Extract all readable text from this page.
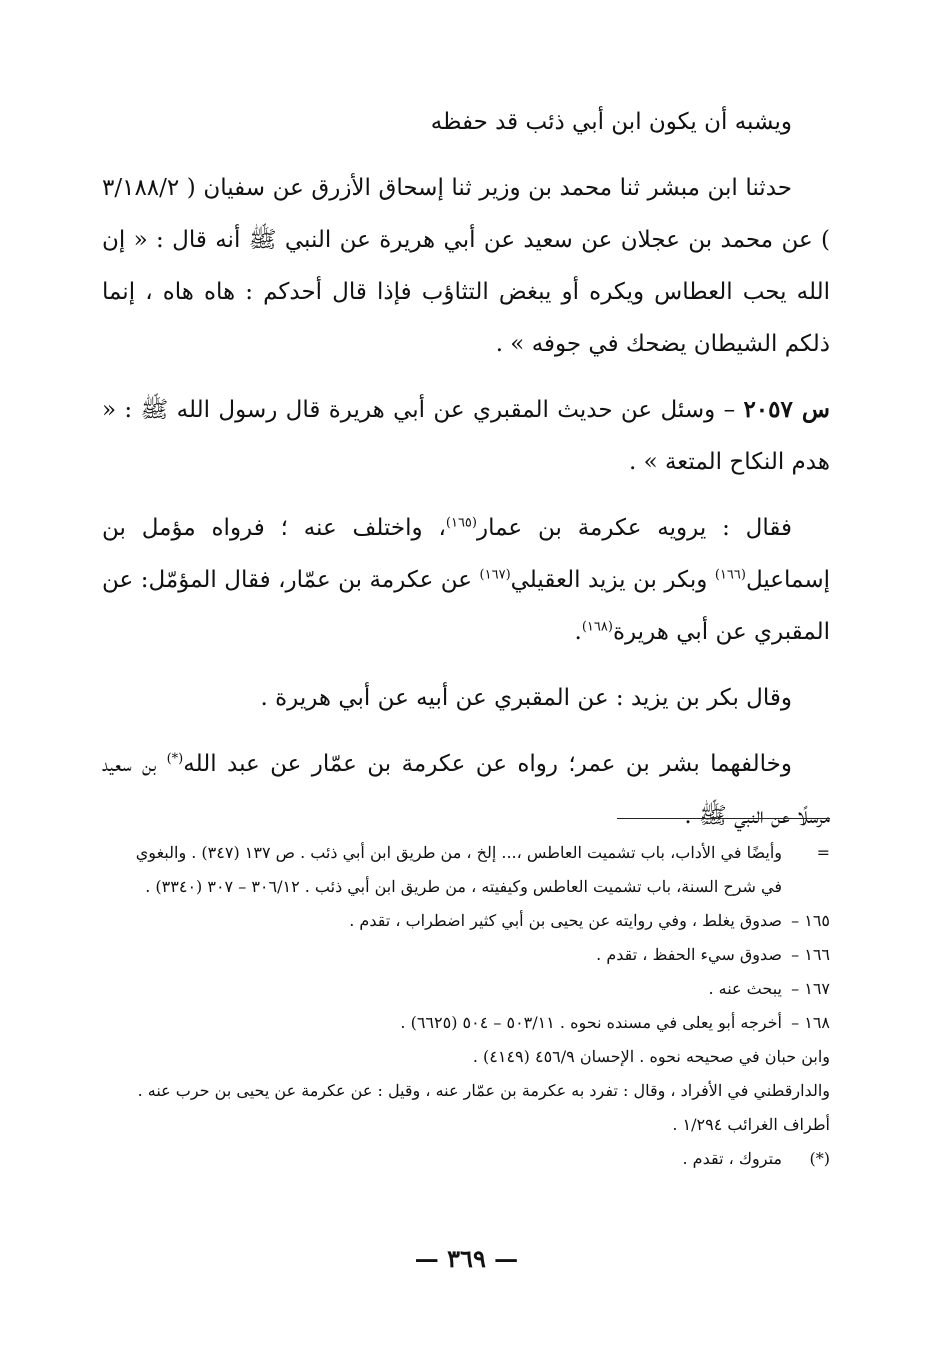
ويشبه أن يكون ابن أبي ذئب قد حفظه

حدثنا ابن مبشر ثنا محمد بن وزير ثنا إسحاق الأزرق عن سفيان ( ٣/١٨٨/٢ ) عن محمد بن عجلان عن سعيد عن أبي هريرة عن النبي ﷺ أنه قال : « إن الله يحب العطاس ويكره أو يبغض التثاؤب فإذا قال أحدكم : هاه هاه ، إنما ذلكم الشيطان يضحك في جوفه » .

س ٢٠٥٧ – وسئل عن حديث المقبري عن أبي هريرة قال رسول الله ﷺ : « هدم النكاح المتعة » .

فقال : يرويه عكرمة بن عمار$^{(١٦٥)}$، واختلف عنه ؛ فرواه مؤمل بن إسماعيل$^{(١٦٦)}$ وبكر بن يزيد العقيلي$^{(١٦٧)}$ عن عكرمة بن عمّار، فقال المؤمّل: عن المقبري عن أبي هريرة$^{(١٦٨)}$.

وقال بكر بن يزيد : عن المقبري عن أبيه عن أبي هريرة .

وخالفهما بشر بن عمر؛ رواه عن عكرمة بن عمّار عن عبد الله(*) بن سعيد مرسلًا عن النبي ﷺ .

=
وأيضًا في الأداب، باب تشميت العاطس ،... إلخ ، من طريق ابن أبي ذئب . ص ١٣٧ (٣٤٧) . والبغوي في شرح السنة، باب تشميت العاطس وكيفيته ، من طريق ابن أبي ذئب . ٣٠٦/١٢ – ٣٠٧ (٣٣٤٠) .
١٦٥ –
صدوق يغلط ، وفي روايته عن يحيى بن أبي كثير اضطراب ، تقدم .
١٦٦ –
صدوق سيء الحفظ ، تقدم .
١٦٧ –
يبحث عنه .
١٦٨ –
أخرجه أبو يعلى في مسنده نحوه . ٥٠٣/١١ – ٥٠٤ (٦٦٢٥) .
وابن حبان في صحيحه نحوه . الإحسان ٤٥٦/٩ (٤١٤٩) .
والدارقطني في الأفراد ، وقال : تفرد به عكرمة بن عمّار عنه ، وقيل : عن عكرمة عن يحيى بن حرب عنه . أطراف الغرائب ١/٢٩٤ .
(*)
متروك ، تقدم .
— ٣٦٩ —
